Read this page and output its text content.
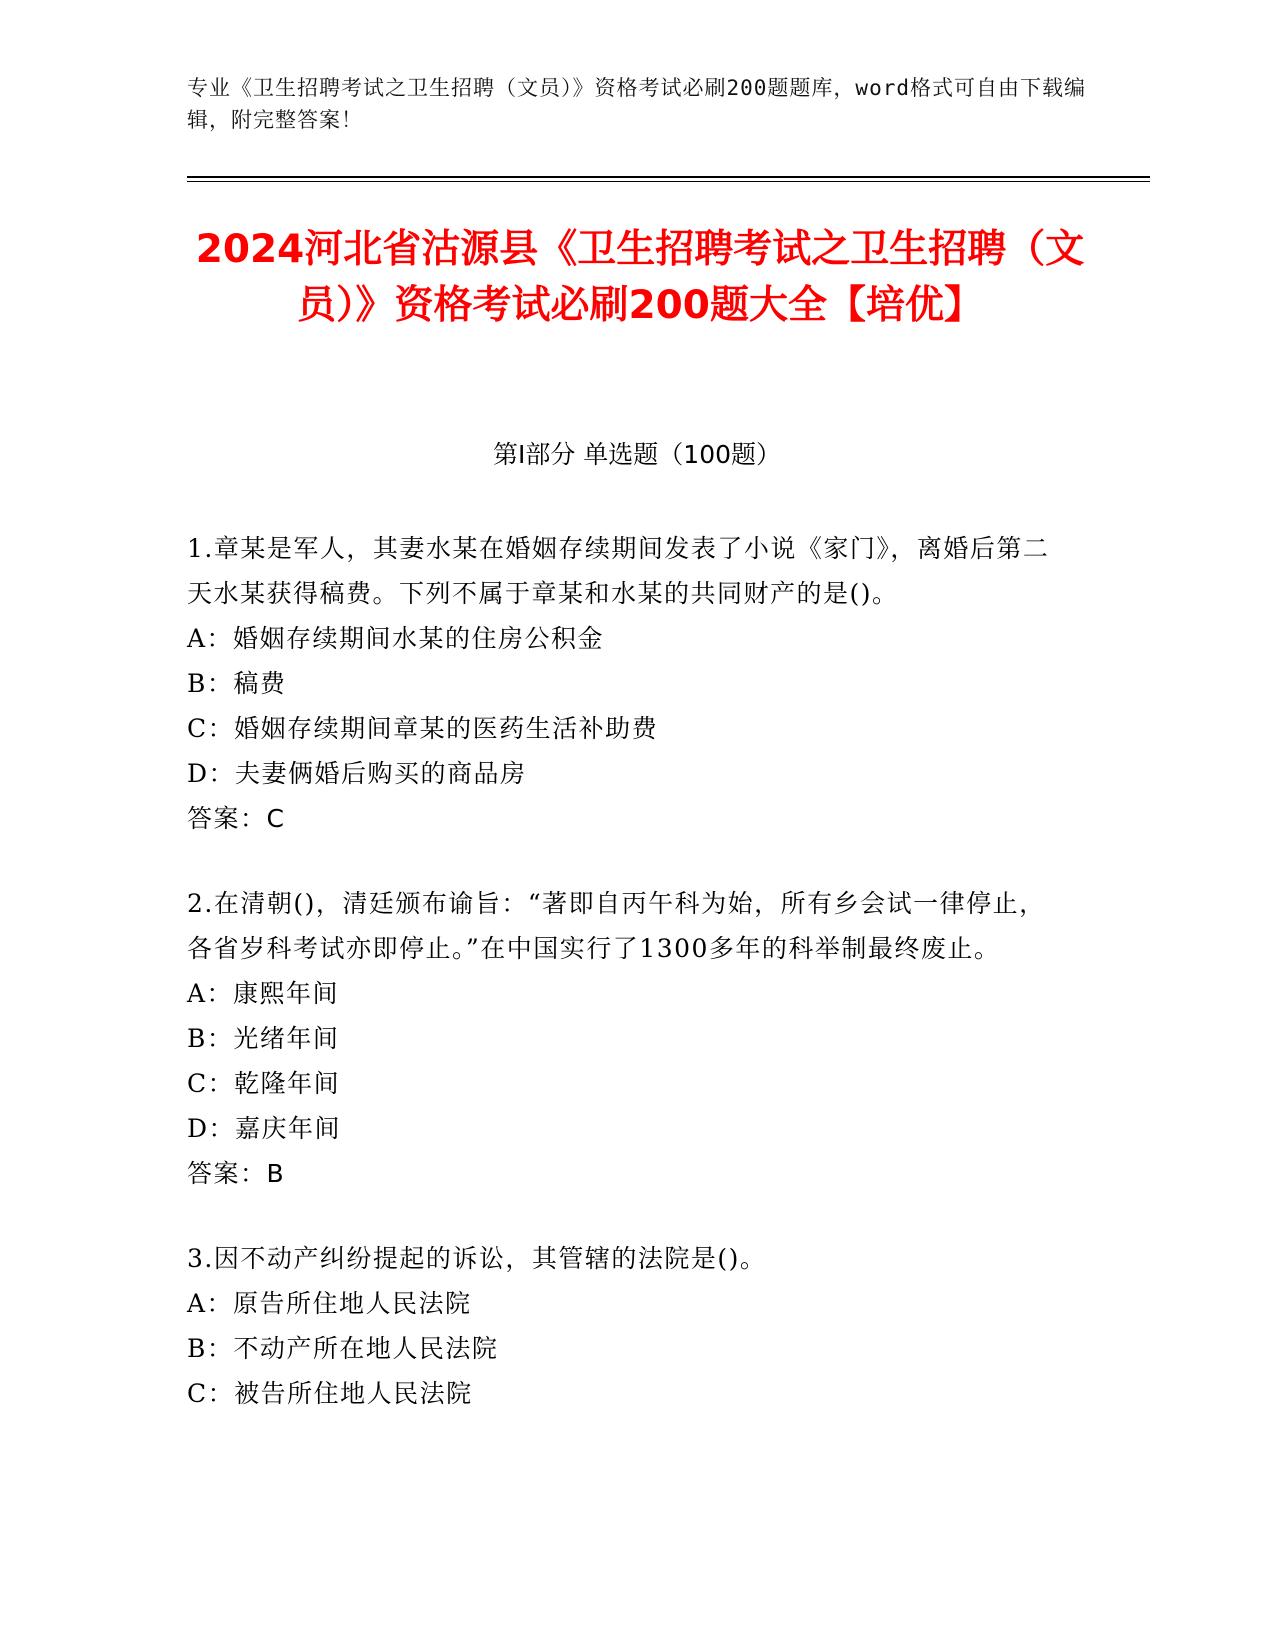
专业《卫生招聘考试之卫生招聘（文员）》资格考试必刷200题题库，word格式可自由下载编辑，附完整答案！
2024河北省沽源县《卫生招聘考试之卫生招聘（文员）》资格考试必刷200题大全【培优】
第Ⅰ部分 单选题（100题）
1.章某是军人，其妻水某在婚姻存续期间发表了小说《家门》，离婚后第二天水某获得稿费。下列不属于章某和水某的共同财产的是()。
A：婚姻存续期间水某的住房公积金
B：稿费
C：婚姻存续期间章某的医药生活补助费
D：夫妻俩婚后购买的商品房
答案：C
2.在清朝()，清廷颁布谕旨：“著即自丙午科为始，所有乡会试一律停止，各省岁科考试亦即停止。”在中国实行了1300多年的科举制最终废止。
A：康熙年间
B：光绪年间
C：乾隆年间
D：嘉庆年间
答案：B
3.因不动产纠纷提起的诉讼，其管辖的法院是()。
A：原告所住地人民法院
B：不动产所在地人民法院
C：被告所住地人民法院
